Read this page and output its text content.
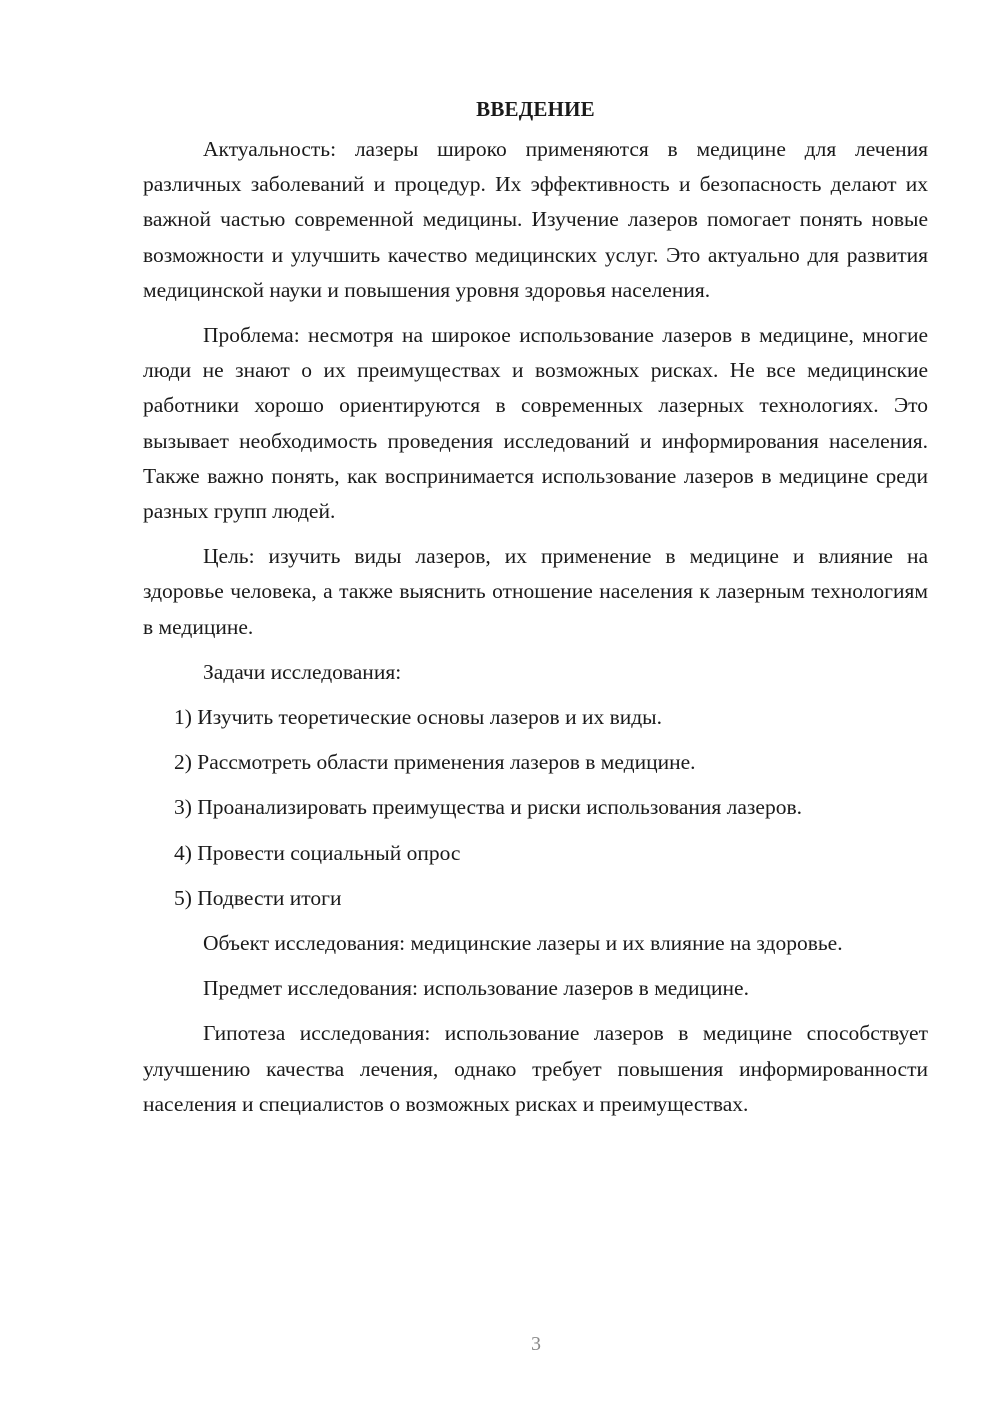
ВВЕДЕНИЕ

Актуальность: лазеры широко применяются в медицине для лечения различных заболеваний и процедур. Их эффективность и безопасность делают их важной частью современной медицины. Изучение лазеров помогает понять новые возможности и улучшить качество медицинских услуг. Это актуально для развития медицинской науки и повышения уровня здоровья населения.

Проблема: несмотря на широкое использование лазеров в медицине, многие люди не знают о их преимуществах и возможных рисках. Не все медицинские работники хорошо ориентируются в современных лазерных технологиях. Это вызывает необходимость проведения исследований и информирования населения. Также важно понять, как воспринимается использование лазеров в медицине среди разных групп людей.

Цель: изучить виды лазеров, их применение в медицине и влияние на здоровье человека, а также выяснить отношение населения к лазерным технологиям в медицине.

Задачи исследования:

1) Изучить теоретические основы лазеров и их виды.
2) Рассмотреть области применения лазеров в медицине.
3) Проанализировать преимущества и риски использования лазеров.
4) Провести социальный опрос
5) Подвести итоги

Объект исследования: медицинские лазеры и их влияние на здоровье.

Предмет исследования: использование лазеров в медицине.

Гипотеза исследования: использование лазеров в медицине способствует улучшению качества лечения, однако требует повышения информированности населения и специалистов о возможных рисках и преимуществах.

3
